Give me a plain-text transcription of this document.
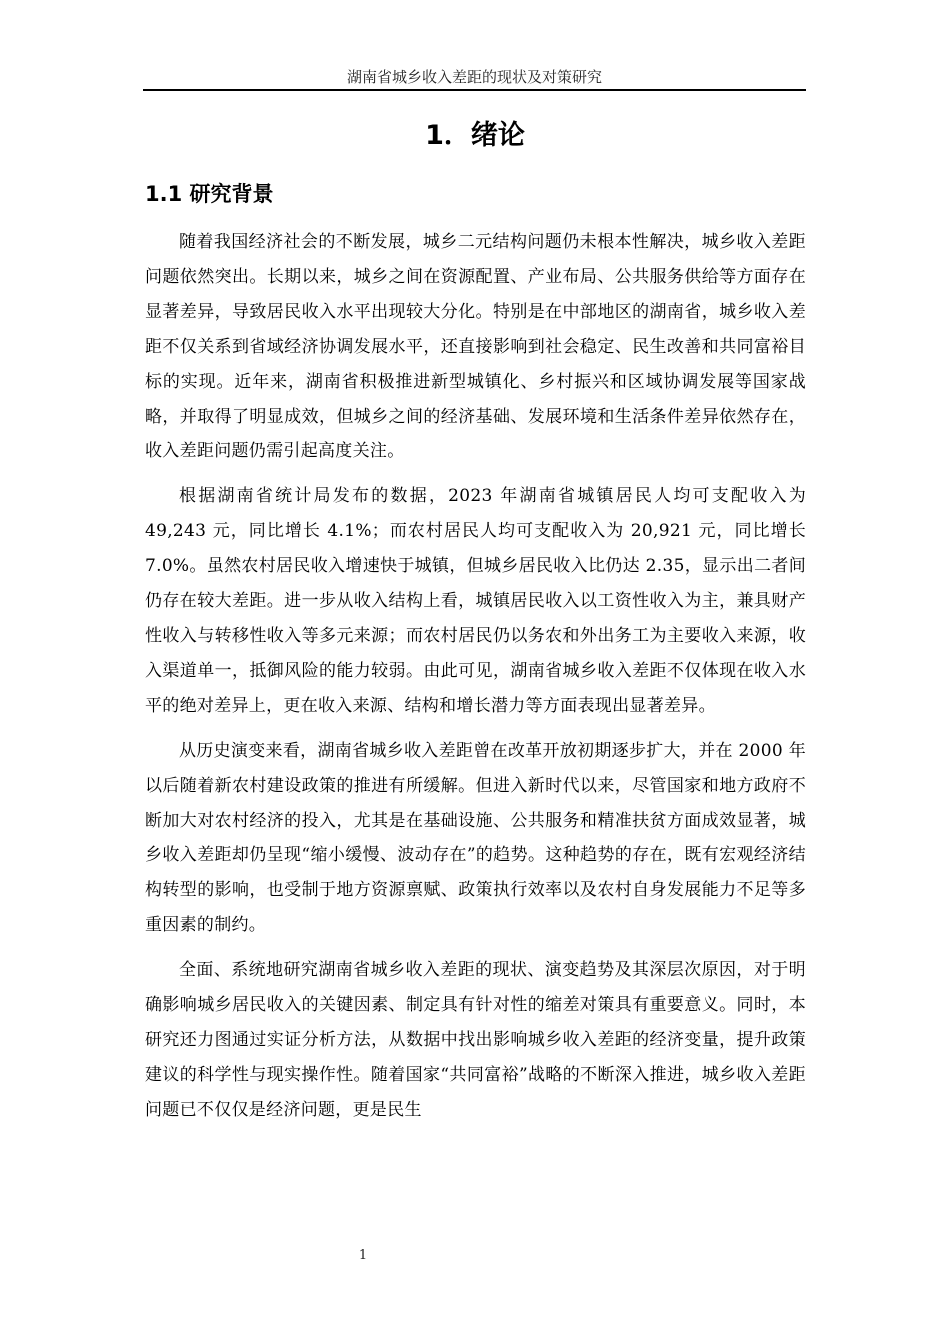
湖南省城乡收入差距的现状及对策研究
1．绪论
1.1 研究背景

随着我国经济社会的不断发展，城乡二元结构问题仍未根本性解决，城乡收入差距问题依然突出。长期以来，城乡之间在资源配置、产业布局、公共服务供给等方面存在显著差异，导致居民收入水平出现较大分化。特别是在中部地区的湖南省，城乡收入差距不仅关系到省域经济协调发展水平，还直接影响到社会稳定、民生改善和共同富裕目标的实现。近年来，湖南省积极推进新型城镇化、乡村振兴和区域协调发展等国家战略，并取得了明显成效，但城乡之间的经济基础、发展环境和生活条件差异依然存在，收入差距问题仍需引起高度关注。

根据湖南省统计局发布的数据，2023 年湖南省城镇居民人均可支配收入为 49,243 元，同比增长 4.1%；而农村居民人均可支配收入为 20,921 元，同比增长 7.0%。虽然农村居民收入增速快于城镇，但城乡居民收入比仍达 2.35，显示出二者间仍存在较大差距。进一步从收入结构上看，城镇居民收入以工资性收入为主，兼具财产性收入与转移性收入等多元来源；而农村居民仍以务农和外出务工为主要收入来源，收入渠道单一，抵御风险的能力较弱。由此可见，湖南省城乡收入差距不仅体现在收入水平的绝对差异上，更在收入来源、结构和增长潜力等方面表现出显著差异。

从历史演变来看，湖南省城乡收入差距曾在改革开放初期逐步扩大，并在 2000 年以后随着新农村建设政策的推进有所缓解。但进入新时代以来，尽管国家和地方政府不断加大对农村经济的投入，尤其是在基础设施、公共服务和精准扶贫方面成效显著，城乡收入差距却仍呈现“缩小缓慢、波动存在”的趋势。这种趋势的存在，既有宏观经济结构转型的影响，也受制于地方资源禀赋、政策执行效率以及农村自身发展能力不足等多重因素的制约。

全面、系统地研究湖南省城乡收入差距的现状、演变趋势及其深层次原因，对于明确影响城乡居民收入的关键因素、制定具有针对性的缩差对策具有重要意义。同时，本研究还力图通过实证分析方法，从数据中找出影响城乡收入差距的经济变量，提升政策建议的科学性与现实操作性。随着国家“共同富裕”战略的不断深入推进，城乡收入差距问题已不仅仅是经济问题，更是民生

1
